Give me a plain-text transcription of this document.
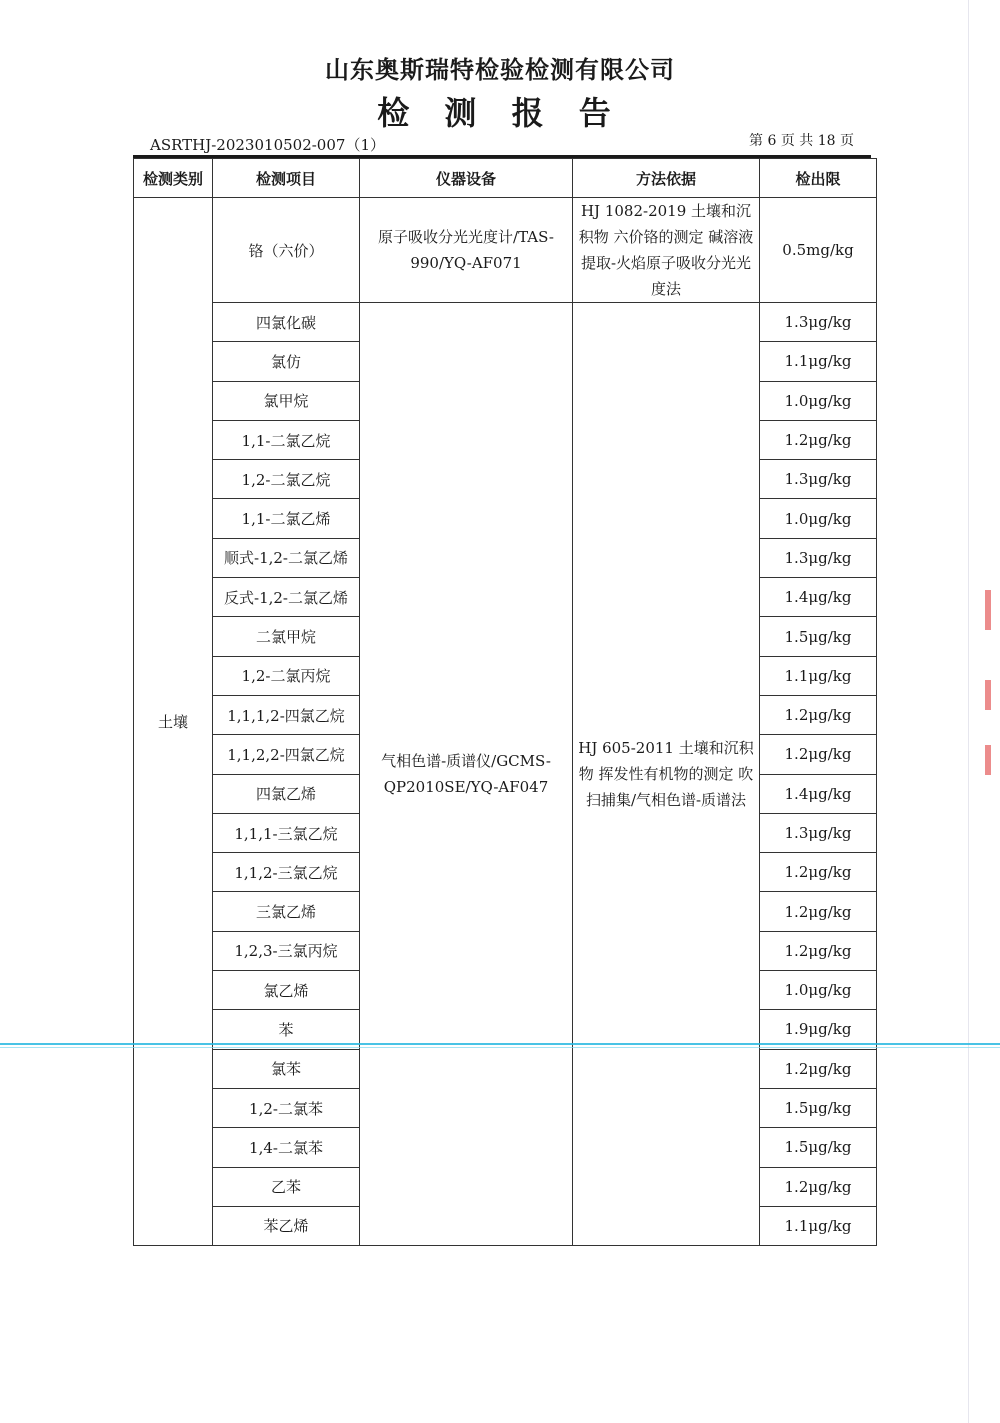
山东奥斯瑞特检验检测有限公司
检 测 报 告
ASRTHJ-2023010502-007（1）	第 6 页 共 18 页
检测类别	检测项目	仪器设备	方法依据	检出限
土壤	铬（六价）	原子吸收分光光度计/TAS-990/YQ-AF071	HJ 1082-2019 土壤和沉积物 六价铬的测定 碱溶液提取-火焰原子吸收分光光度法	0.5mg/kg
	四氯化碳	气相色谱-质谱仪/GCMS-QP2010SE/YQ-AF047	HJ 605-2011 土壤和沉积物 挥发性有机物的测定 吹扫捕集/气相色谱-质谱法	1.3μg/kg
	氯仿			1.1μg/kg
	氯甲烷			1.0μg/kg
	1,1-二氯乙烷			1.2μg/kg
	1,2-二氯乙烷			1.3μg/kg
	1,1-二氯乙烯			1.0μg/kg
	顺式-1,2-二氯乙烯			1.3μg/kg
	反式-1,2-二氯乙烯			1.4μg/kg
	二氯甲烷			1.5μg/kg
	1,2-二氯丙烷			1.1μg/kg
	1,1,1,2-四氯乙烷			1.2μg/kg
	1,1,2,2-四氯乙烷			1.2μg/kg
	四氯乙烯			1.4μg/kg
	1,1,1-三氯乙烷			1.3μg/kg
	1,1,2-三氯乙烷			1.2μg/kg
	三氯乙烯			1.2μg/kg
	1,2,3-三氯丙烷			1.2μg/kg
	氯乙烯			1.0μg/kg
	苯			1.9μg/kg
	氯苯			1.2μg/kg
	1,2-二氯苯			1.5μg/kg
	1,4-二氯苯			1.5μg/kg
	乙苯			1.2μg/kg
	苯乙烯			1.1μg/kg
